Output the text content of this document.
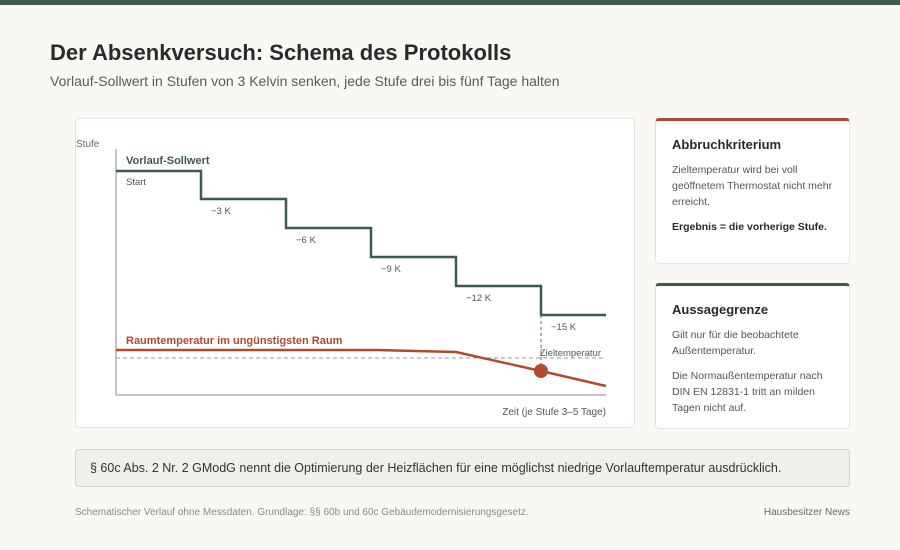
Der Absenkversuch: Schema des Protokolls
Vorlauf-Sollwert in Stufen von 3 Kelvin senken, jede Stufe drei bis fünf Tage halten
Stufe
Zeit (je Stufe 3–5 Tage)
Vorlauf-Sollwert
Start
−3 K
−6 K
−9 K
−12 K
−15 K
Zieltemperatur
Raumtemperatur im ungünstigsten Raum
Abbruchkriterium

Zieltemperatur wird bei voll geöffnetem Thermostat nicht mehr erreicht.

Ergebnis = die vorherige Stufe.

Aussagegrenze

Gilt nur für die beobachtete Außentemperatur.

Die Normaußentemperatur nach DIN EN 12831-1 tritt an milden Tagen nicht auf.

§ 60c Abs. 2 Nr. 2 GModG nennt die Optimierung der Heizflächen für eine möglichst niedrige Vorlauftemperatur ausdrücklich.
Schematischer Verlauf ohne Messdaten. Grundlage: §§ 60b und 60c Gebäudemodernisierungsgesetz.	Hausbesitzer News
